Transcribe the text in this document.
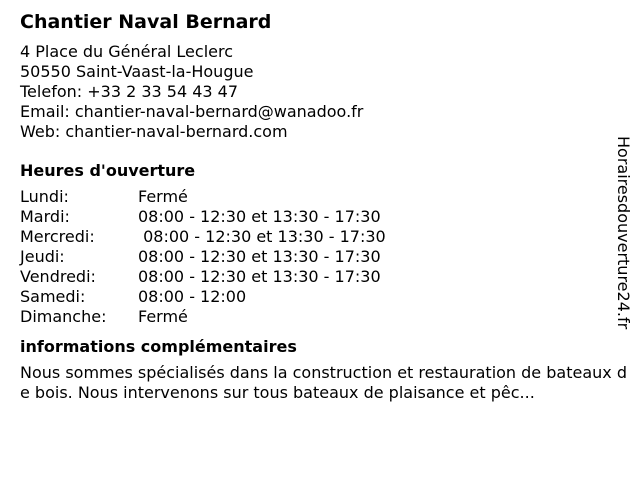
Chantier Naval Bernard
4 Place du Général Leclerc
50550 Saint-Vaast-la-Hougue
Telefon: +33 2 33 54 43 47
Email: chantier-naval-bernard@wanadoo.fr
Web: chantier-naval-bernard.com
Heures d'ouverture
Lundi:	Fermé
Mardi:	08:00 - 12:30 et 13:30 - 17:30
Mercredi:	08:00 - 12:30 et 13:30 - 17:30
Jeudi:	08:00 - 12:30 et 13:30 - 17:30
Vendredi:	08:00 - 12:30 et 13:30 - 17:30
Samedi:	08:00 - 12:00
Dimanche:	Fermé
informations complémentaires
Nous sommes spécialisés dans la construction et restauration de bateaux de bois. Nous intervenons sur tous bateaux de plaisance et pêc...
Horairesdouverture24.fr
